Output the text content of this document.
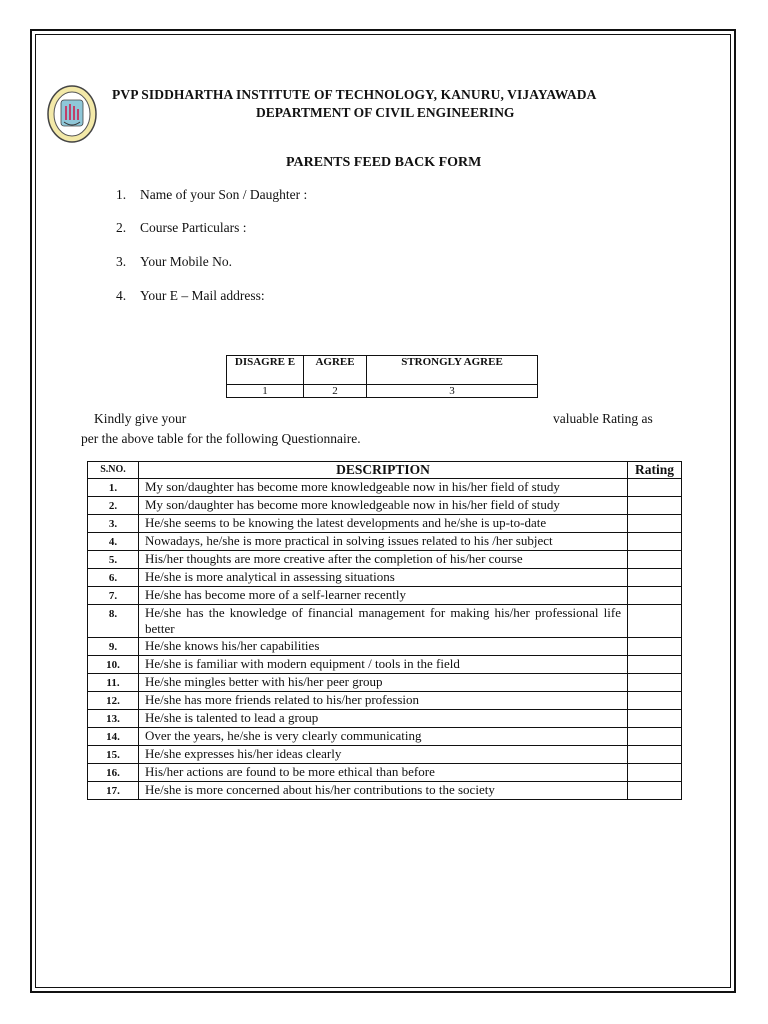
PVP SIDDHARTHA INSTITUTE OF TECHNOLOGY, KANURU, VIJAYAWADA
DEPARTMENT OF CIVIL ENGINEERING
PARENTS FEED BACK FORM
1. Name of your Son / Daughter :
2. Course Particulars :
3. Your Mobile No.
4. Your E – Mail address:
DISAGRE E	AGREE	STRONGLY AGREE
1	2	3
Kindly give your	valuable Rating as
per the above table for the following Questionnaire.
S.NO.	DESCRIPTION	Rating
1.	My son/daughter has become more knowledgeable now in his/her field of study	
2.	My son/daughter has become more knowledgeable now in his/her field of study	
3.	He/she seems to be knowing the latest developments and he/she is up-to-date	
4.	Nowadays, he/she is more practical in solving issues related to his /her subject	
5.	His/her thoughts are more creative after the completion of his/her course	
6.	He/she is more analytical in assessing situations	
7.	He/she has become more of a self-learner recently	
8.	He/she has the knowledge of financial management for making his/her professional life better	
9.	He/she knows his/her capabilities	
10.	He/she is familiar with modern equipment / tools in the field	
11.	He/she mingles better with his/her peer group	
12.	He/she has more friends related to his/her profession	
13.	He/she is talented to lead a group	
14.	Over the years, he/she is very clearly communicating	
15.	He/she expresses his/her ideas clearly	
16.	His/her actions are found to be more ethical than before	
17.	He/she is more concerned about his/her contributions to the society	
